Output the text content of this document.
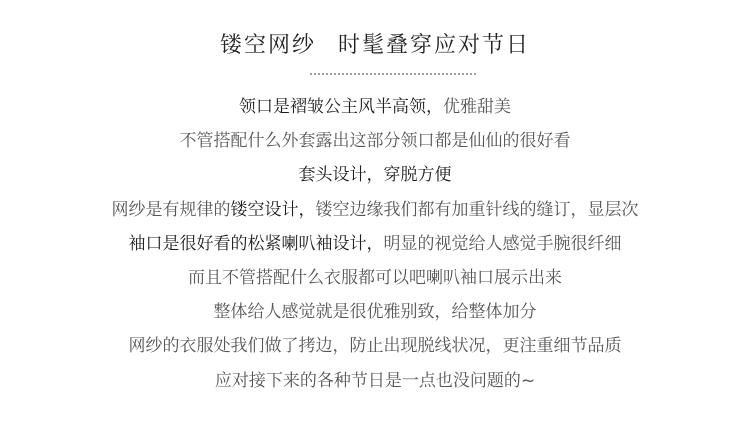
镂空网纱 时髦叠穿应对节日
领口是褶皱公主风半高领，优雅甜美
不管搭配什么外套露出这部分领口都是仙仙的很好看
套头设计，穿脱方便
网纱是有规律的镂空设计，镂空边缘我们都有加重针线的缝订，显层次
袖口是很好看的松紧喇叭袖设计，明显的视觉给人感觉手腕很纤细
而且不管搭配什么衣服都可以吧喇叭袖口展示出来
整体给人感觉就是很优雅别致，给整体加分
网纱的衣服处我们做了拷边，防止出现脱线状况，更注重细节品质
应对接下来的各种节日是一点也没问题的~
